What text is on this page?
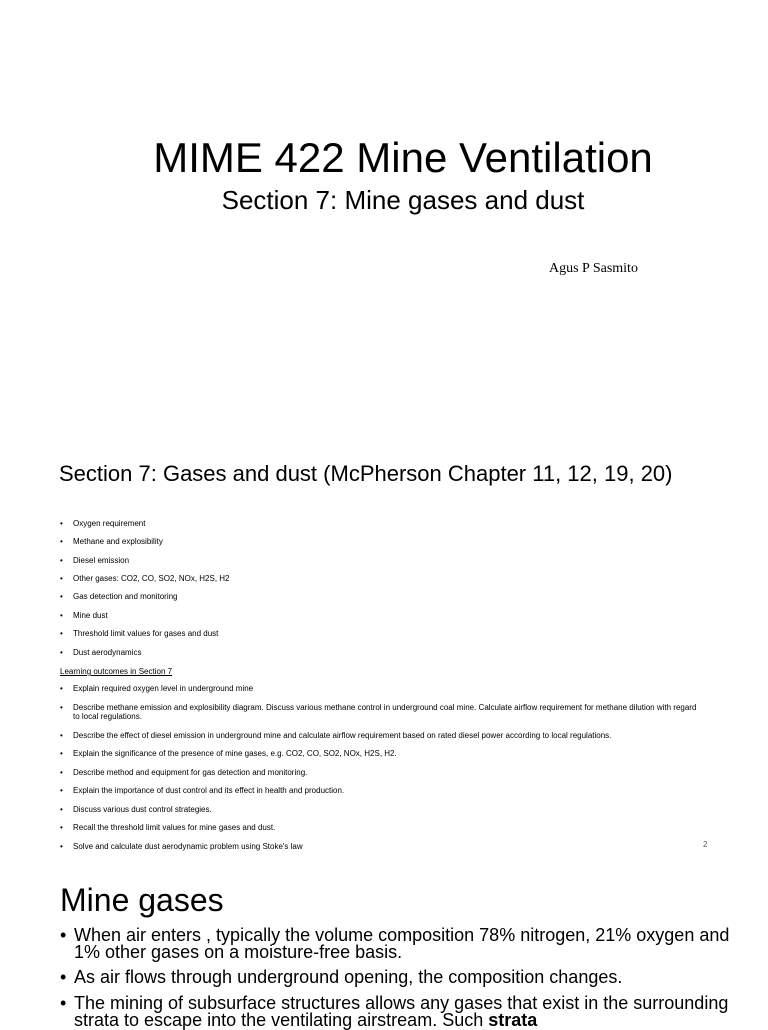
MIME 422 Mine Ventilation
Section 7: Mine gases and dust
Agus P Sasmito
Section 7: Gases and dust (McPherson Chapter 11, 12, 19, 20)
• Oxygen requirement
• Methane and explosibility
• Diesel emission
• Other gases: CO2, CO, SO2, NOx, H2S, H2
• Gas detection and monitoring
• Mine dust
• Threshold limit values for gases and dust
• Dust aerodynamics
Learning outcomes in Section 7
• Explain required oxygen level in underground mine
• Describe methane emission and explosibility diagram. Discuss various methane control in underground coal mine. Calculate airflow requirement for methane dilution with regard to local regulations.
• Describe the effect of diesel emission in underground mine and calculate airflow requirement based on rated diesel power according to local regulations.
• Explain the significance of the presence of mine gases, e.g. CO2, CO, SO2, NOx, H2S, H2.
• Describe method and equipment for gas detection and monitoring.
• Explain the importance of dust control and its effect in health and production.
• Discuss various dust control strategies.
• Recall the threshold limit values for mine gases and dust.
• Solve and calculate dust aerodynamic problem using Stoke's law	2
Mine gases
• When air enters , typically the volume composition 78% nitrogen, 21% oxygen and 1% other gases on a moisture-free basis.
• As air flows through underground opening, the composition changes.
• The mining of subsurface structures allows any gases that exist in the surrounding strata to escape into the ventilating airstream. Such strata
